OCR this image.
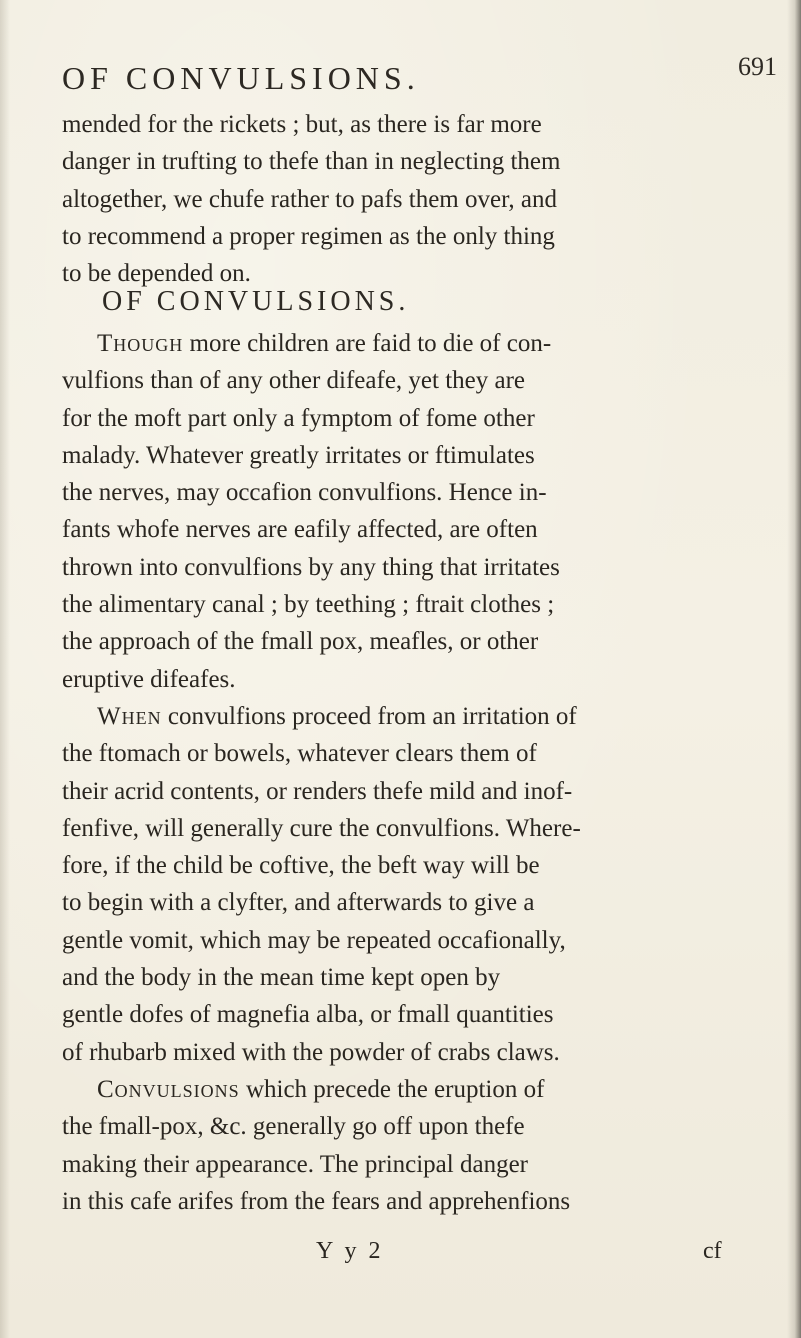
OF CONVULSIONS.	691
mended for the rickets ; but, as there is far more
danger in trufting to thefe than in neglecting them
altogether, we chufe rather to pafs them over, and
to recommend a proper regimen as the only thing
to be depended on.
OF CONVULSIONS.
Though more children are faid to die of con-
vulfions than of any other difeafe, yet they are
for the moft part only a fymptom of fome other
malady. Whatever greatly irritates or ftimulates
the nerves, may occafion convulfions. Hence in-
fants whofe nerves are eafily affected, are often
thrown into convulfions by any thing that irritates
the alimentary canal ; by teething ; ftrait clothes ;
the approach of the fmall pox, meafles, or other
eruptive difeafes.
When convulfions proceed from an irritation of
the ftomach or bowels, whatever clears them of
their acrid contents, or renders thefe mild and inof-
fenfive, will generally cure the convulfions. Where-
fore, if the child be coftive, the beft way will be
to begin with a clyfter, and afterwards to give a
gentle vomit, which may be repeated occafionally,
and the body in the mean time kept open by
gentle dofes of magnefia alba, or fmall quantities
of rhubarb mixed with the powder of crabs claws.
Convulsions which precede the eruption of
the fmall-pox, &c. generally go off upon thefe
making their appearance. The principal danger
in this cafe arifes from the fears and apprehenfions
Y y 2	cf
